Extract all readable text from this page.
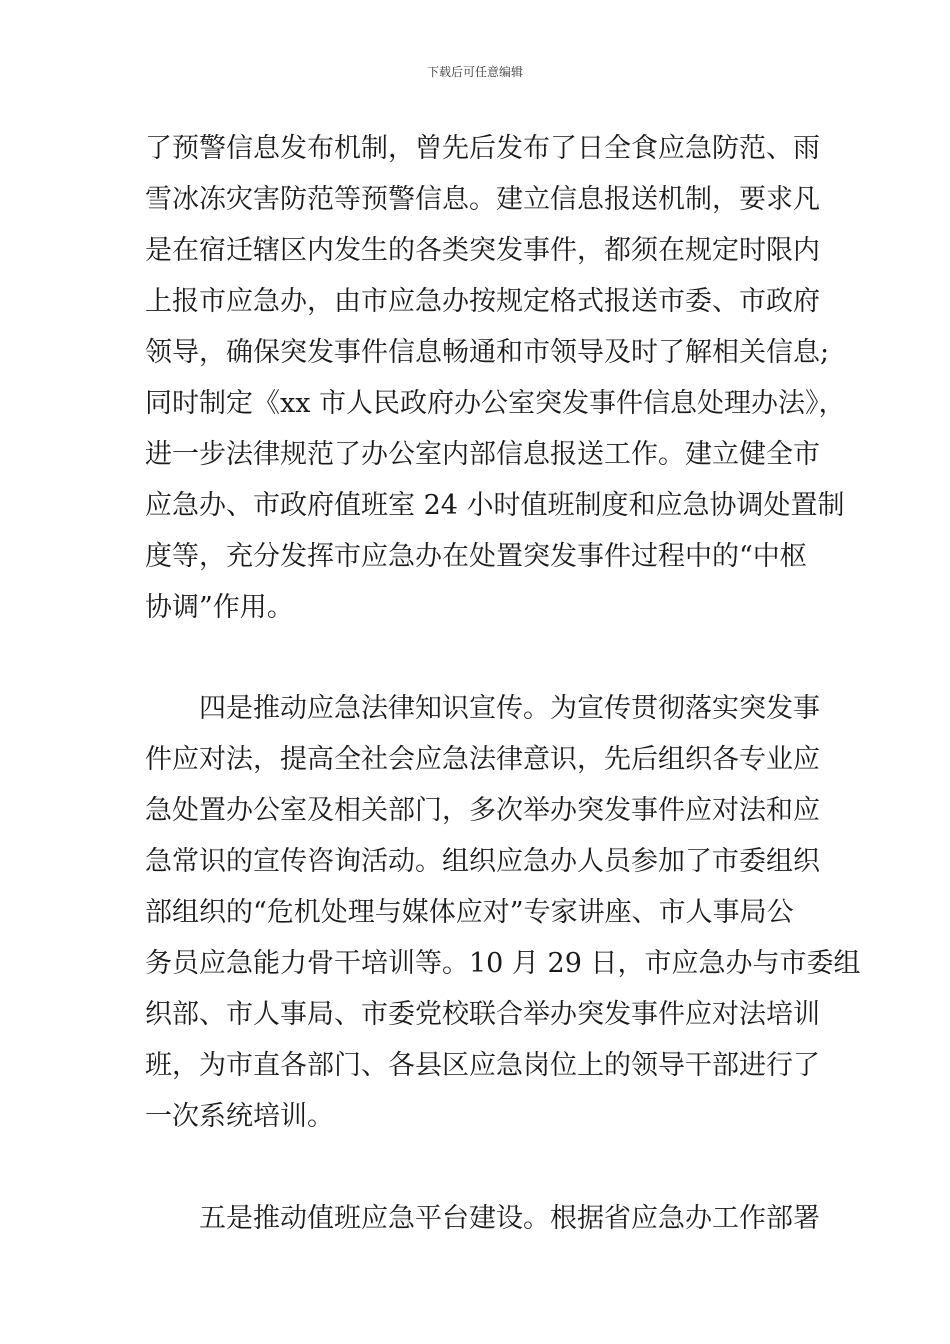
下载后可任意编辑
了预警信息发布机制，曾先后发布了日全食应急防范、雨
雪冰冻灾害防范等预警信息。建立信息报送机制，要求凡
是在宿迁辖区内发生的各类突发事件，都须在规定时限内
上报市应急办，由市应急办按规定格式报送市委、市政府
领导，确保突发事件信息畅通和市领导及时了解相关信息;
同时制定《xx 市人民政府办公室突发事件信息处理办法》，
进一步法律规范了办公室内部信息报送工作。建立健全市
应急办、市政府值班室 24 小时值班制度和应急协调处置制
度等，充分发挥市应急办在处置突发事件过程中的“中枢
协调”作用。
四是推动应急法律知识宣传。为宣传贯彻落实突发事
件应对法，提高全社会应急法律意识，先后组织各专业应
急处置办公室及相关部门，多次举办突发事件应对法和应
急常识的宣传咨询活动。组织应急办人员参加了市委组织
部组织的“危机处理与媒体应对”专家讲座、市人事局公
务员应急能力骨干培训等。10 月 29 日，市应急办与市委组
织部、市人事局、市委党校联合举办突发事件应对法培训
班，为市直各部门、各县区应急岗位上的领导干部进行了
一次系统培训。
五是推动值班应急平台建设。根据省应急办工作部署
